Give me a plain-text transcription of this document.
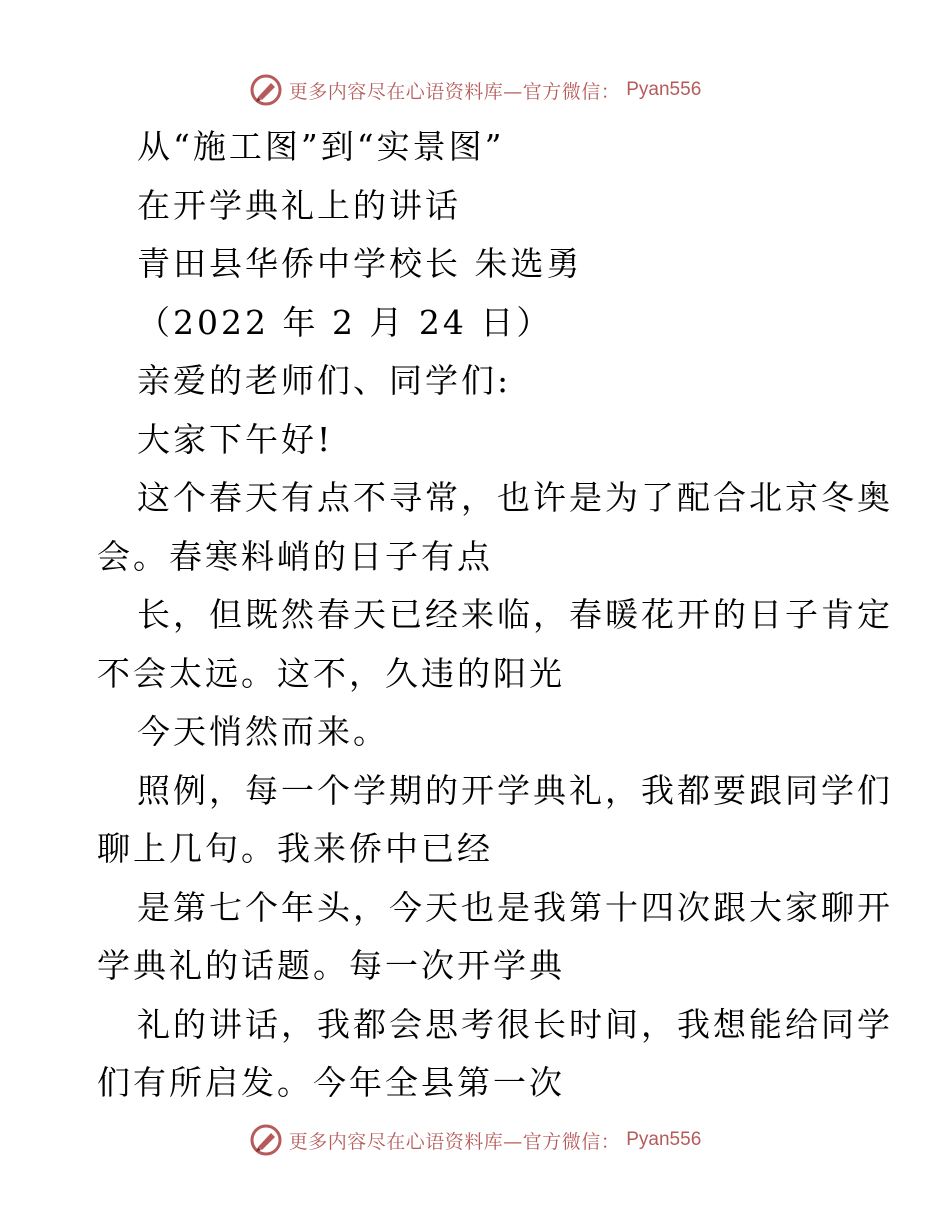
更多内容尽在心语资料库—官方微信： Pyan556
从“施工图”到“实景图”
在开学典礼上的讲话
青田县华侨中学校长 朱选勇
（2022 年 2 月 24 日）
亲爱的老师们、同学们:
大家下午好!
这个春天有点不寻常，也许是为了配合北京冬奥
会。春寒料峭的日子有点
长，但既然春天已经来临，春暖花开的日子肯定
不会太远。这不，久违的阳光
今天悄然而来。
照例，每一个学期的开学典礼，我都要跟同学们
聊上几句。我来侨中已经
是第七个年头，今天也是我第十四次跟大家聊开
学典礼的话题。每一次开学典
礼的讲话，我都会思考很长时间，我想能给同学
们有所启发。今年全县第一次
更多内容尽在心语资料库—官方微信： Pyan556
